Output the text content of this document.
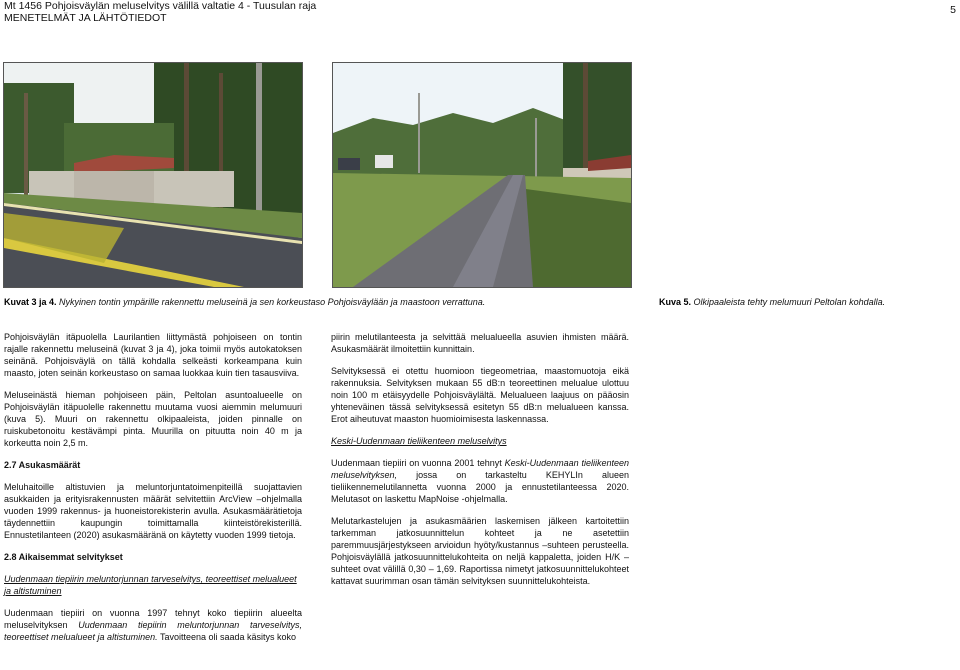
Mt 1456 Pohjoisväylän meluselvitys välillä valtatie 4 - Tuusulan raja
MENETELMÄT JA LÄHTÖTIEDOT
5
Kuvat 3 ja 4. Nykyinen tontin ympärille rakennettu meluseinä ja sen korkeustaso Pohjoisväylään ja maastoon verrattuna.	Kuva 5. Olkipaaleista tehty melumuuri Peltolan kohdalla.

Pohjoisväylän itäpuolella Laurilantien liittymästä pohjoiseen on tontin rajalle rakennettu meluseinä (kuvat 3 ja 4), joka toimii myös autokatoksen seinänä. Pohjoisväylä on tällä kohdalla selkeästi korkeampana kuin maasto, joten seinän korkeustaso on samaa luokkaa kuin tien tasausviiva.

Meluseinästä hieman pohjoiseen päin, Peltolan asuntoalueelle on Pohjoisväylän itäpuolelle rakennettu muutama vuosi aiemmin melumuuri (kuva 5). Muuri on rakennettu olkipaaleista, joiden pinnalle on ruiskubetonoitu kestävämpi pinta. Muurilla on pituutta noin 40 m ja korkeutta noin 2,5 m.

2.7 Asukasmäärät

Meluhaitoille altistuvien ja meluntorjuntatoimenpiteillä suojattavien asukkaiden ja erityisrakennusten määrät selvitettiin ArcView –ohjelmalla vuoden 1999 rakennus- ja huoneistorekisterin avulla. Asukasmäärätietoja täydennettiin kaupungin toimittamalla kiinteistörekisterillä. Ennustetilanteen (2020) asukasmääränä on käytetty vuoden 1999 tietoja.

2.8 Aikaisemmat selvitykset

Uudenmaan tiepiirin meluntorjunnan tarveselvitys, teoreettiset melualueet ja altistuminen

Uudenmaan tiepiiri on vuonna 1997 tehnyt koko tiepiirin alueelta meluselvityksen Uudenmaan tiepiirin meluntorjunnan tarveselvitys, teoreettiset melualueet ja altistuminen. Tavoitteena oli saada käsitys koko

piirin melutilanteesta ja selvittää melualueella asuvien ihmisten määrä. Asukasmäärät ilmoitettiin kunnittain.

Selvityksessä ei otettu huomioon tiegeometriaa, maastomuotoja eikä rakennuksia. Selvityksen mukaan 55 dB:n teoreettinen melualue ulottuu noin 100 m etäisyydelle Pohjoisväylältä. Melualueen laajuus on pääosin yhteneväinen tässä selvityksessä esitetyn 55 dB:n melualueen kanssa. Erot aiheutuvat maaston huomioimisesta laskennassa.

Keski-Uudenmaan tieliikenteen meluselvitys

Uudenmaan tiepiiri on vuonna 2001 tehnyt Keski-Uudenmaan tieliikenteen meluselvityksen, jossa on tarkasteltu KEHYLIn alueen tieliikennemelutilannetta vuonna 2000 ja ennustetilanteessa 2020. Melutasot on laskettu MapNoise -ohjelmalla.

Melutarkastelujen ja asukasmäärien laskemisen jälkeen kartoitettiin tarkemman jatkosuunnittelun kohteet ja ne asetettiin paremmuusjärjestykseen arvioidun hyöty/kustannus –suhteen perusteella. Pohjoisväylällä jatkosuunnittelukohteita on neljä kappaletta, joiden H/K –suhteet ovat välillä 0,30 – 1,69. Raportissa nimetyt jatkosuunnittelukohteet kattavat suurimman osan tämän selvityksen suunnittelukohteista.
